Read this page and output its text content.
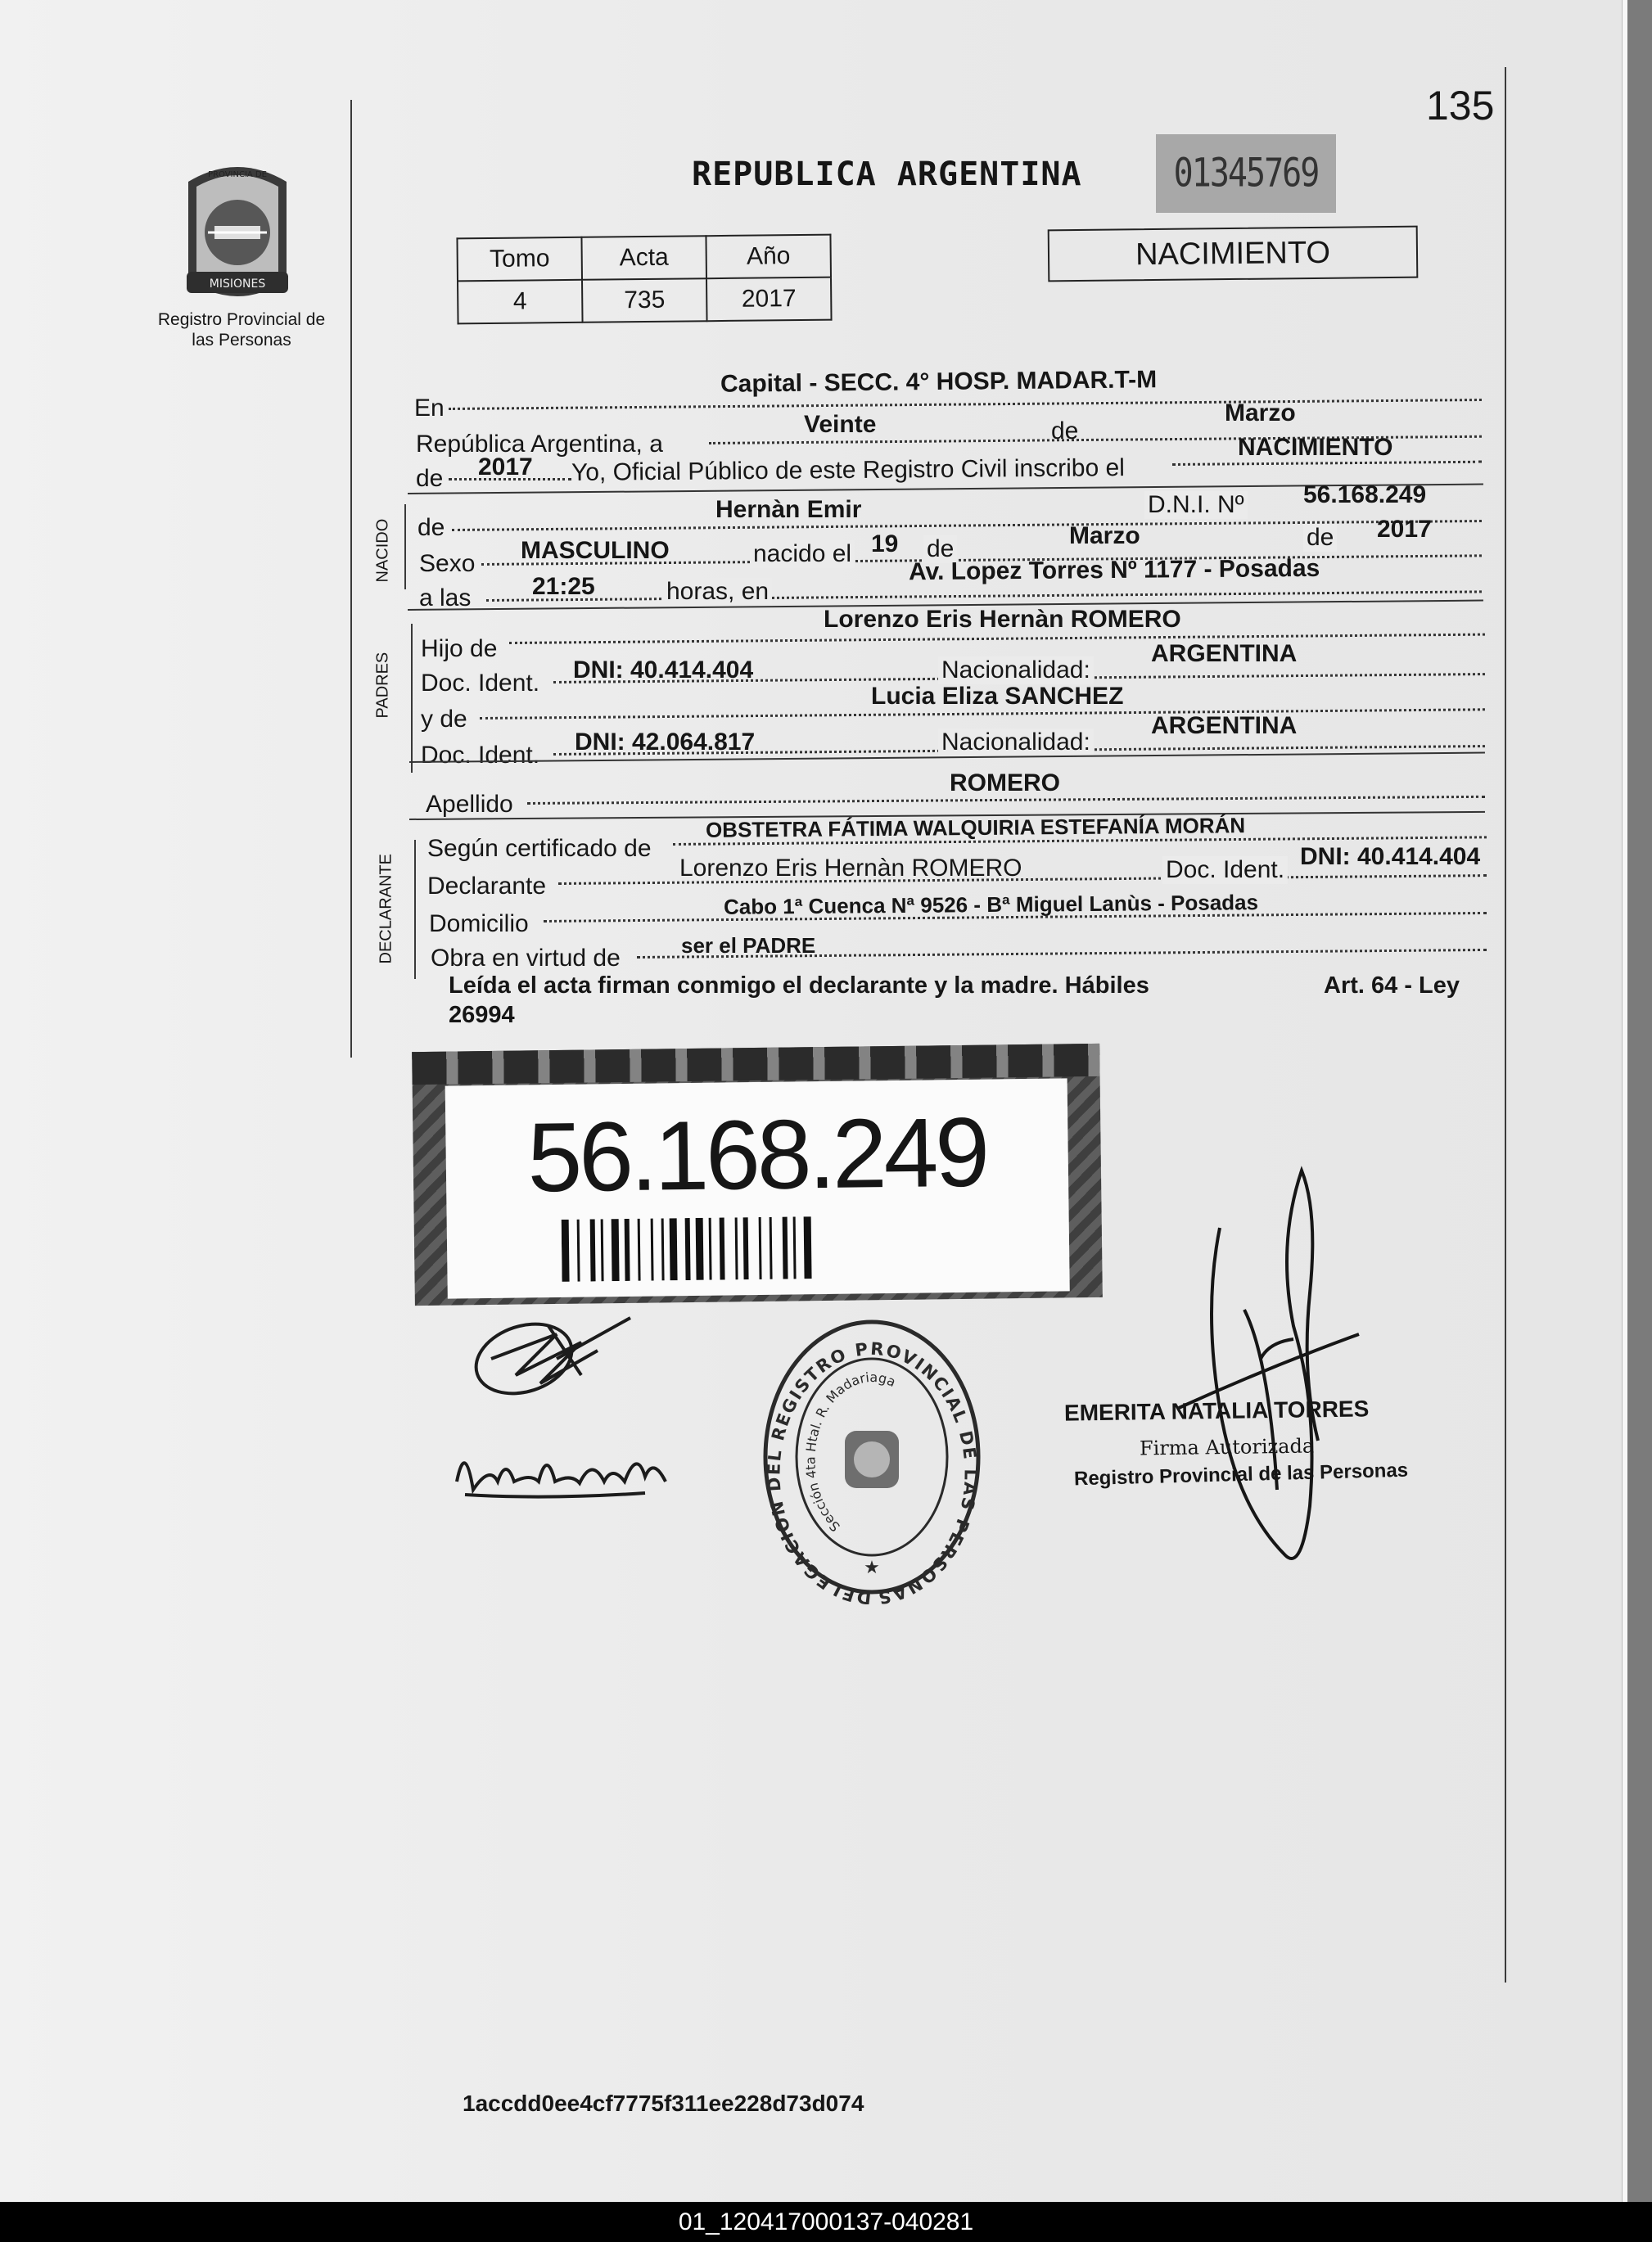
135
MISIONES
PROVINCIA DE
Registro Provincial de las Personas
REPUBLICA ARGENTINA	01345769
Tomo	Acta	Año
4	735	2017
NACIMIENTO
En
Capital - SECC. 4° HOSP. MADAR.T-M
República Argentina, a
Veinte	de
Marzo
de 2017 Yo, Oficial Público de este Registro Civil inscribo el
NACIMIENTO
NACIDO de
Hernàn Emir	D.N.I. Nº 56.168.249
Sexo MASCULINO	nacido el 19 de	Marzo	de 2017
a las 21:25	horas, en
Av. Lopez Torres Nº 1177 - Posadas
PADRES
Hijo de
Lorenzo Eris Hernàn ROMERO
Doc. Ident. DNI: 40.414.404	Nacionalidad:
ARGENTINA
y de
Lucia Eliza SANCHEZ
Doc. Ident. DNI: 42.064.817	Nacionalidad:
ARGENTINA
Apellido
ROMERO
DECLARANTE
Según certificado de
OBSTETRA FÁTIMA WALQUIRIA ESTEFANÍA MORÁN
Declarante
Lorenzo Eris Hernàn ROMERO	Doc. Ident. DNI: 40.414.404
Domicilio
Cabo 1ª Cuenca Nª 9526 - Bª Miguel Lanùs - Posadas
Obra en virtud de	ser el PADRE
Leída el acta firman conmigo el declarante y la madre. Hábiles	Art. 64 - Ley

26994
56.168.249
DELEGACION DEL REGISTRO PROVINCIAL DE LAS PERSONAS
Sección 4ta Htal. R. Madariaga
★
EMERITA NATALIA TORRES
Firma Autorizada
Registro Provincial de las Personas
1accdd0ee4cf7775f311ee228d73d074
01_120417000137-040281
